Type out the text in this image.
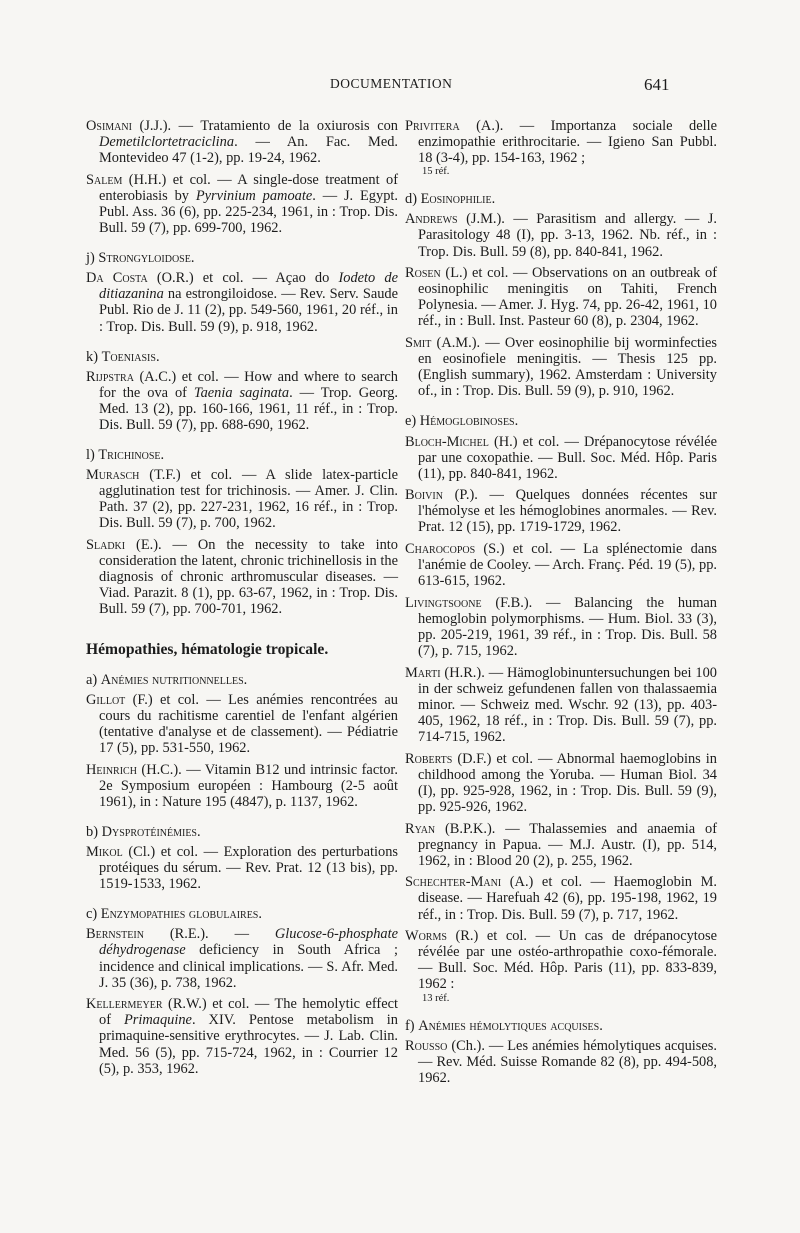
DOCUMENTATION	641

Osimani (J.J.). — Tratamiento de la oxiurosis con Demetilclortetraciclina. — An. Fac. Med. Montevideo 47 (1-2), pp. 19-24, 1962.

Salem (H.H.) et col. — A single-dose treatment of enterobiasis by Pyrvinium pamoate. — J. Egypt. Publ. Ass. 36 (6), pp. 225-234, 1961, in : Trop. Dis. Bull. 59 (7), pp. 699-700, 1962.

j) Strongyloidose.

Da Costa (O.R.) et col. — Açao do Iodeto de ditiazanina na estrongiloidose. — Rev. Serv. Saude Publ. Rio de J. 11 (2), pp. 549-560, 1961, 20 réf., in : Trop. Dis. Bull. 59 (9), p. 918, 1962.

k) Toeniasis.

Rijpstra (A.C.) et col. — How and where to search for the ova of Taenia saginata. — Trop. Georg. Med. 13 (2), pp. 160-166, 1961, 11 réf., in : Trop. Dis. Bull. 59 (7), pp. 688-690, 1962.

l) Trichinose.

Murasch (T.F.) et col. — A slide latex-particle agglutination test for trichinosis. — Amer. J. Clin. Path. 37 (2), pp. 227-231, 1962, 16 réf., in : Trop. Dis. Bull. 59 (7), p. 700, 1962.

Sladki (E.). — On the necessity to take into consideration the latent, chronic trichinellosis in the diagnosis of chronic arthromuscular diseases. — Viad. Parazit. 8 (1), pp. 63-67, 1962, in : Trop. Dis. Bull. 59 (7), pp. 700-701, 1962.

Hémopathies, hématologie tropicale.
a) Anémies nutritionnelles.

Gillot (F.) et col. — Les anémies rencontrées au cours du rachitisme carentiel de l'enfant algérien (tentative d'analyse et de classement). — Pédiatrie 17 (5), pp. 531-550, 1962.

Heinrich (H.C.). — Vitamin B12 und intrinsic factor. 2e Symposium européen : Hambourg (2-5 août 1961), in : Nature 195 (4847), p. 1137, 1962.

b) Dysprotéinémies.

Mikol (Cl.) et col. — Exploration des perturbations protéiques du sérum. — Rev. Prat. 12 (13 bis), pp. 1519-1533, 1962.

c) Enzymopathies globulaires.

Bernstein (R.E.). — Glucose-6-phosphate déhydrogenase deficiency in South Africa ; incidence and clinical implications. — S. Afr. Med. J. 35 (36), p. 738, 1962.

Kellermeyer (R.W.) et col. — The hemolytic effect of Primaquine. XIV. Pentose metabolism in primaquine-sensitive erythrocytes. — J. Lab. Clin. Med. 56 (5), pp. 715-724, 1962, in : Courrier 12 (5), p. 353, 1962.

Privitera (A.). — Importanza sociale delle enzimopathie erithrocitarie. — Igieno San Pubbl. 18 (3-4), pp. 154-163, 1962 ;
15 réf.

d) Eosinophilie.

Andrews (J.M.). — Parasitism and allergy. — J. Parasitology 48 (I), pp. 3-13, 1962. Nb. réf., in : Trop. Dis. Bull. 59 (8), pp. 840-841, 1962.

Rosen (L.) et col. — Observations on an outbreak of eosinophilic meningitis on Tahiti, French Polynesia. — Amer. J. Hyg. 74, pp. 26-42, 1961, 10 réf., in : Bull. Inst. Pasteur 60 (8), p. 2304, 1962.

Smit (A.M.). — Over eosinophilie bij worminfecties en eosinofiele meningitis. — Thesis 125 pp. (English summary), 1962. Amsterdam : University of., in : Trop. Dis. Bull. 59 (9), p. 910, 1962.

e) Hémoglobinoses.

Bloch-Michel (H.) et col. — Drépanocytose révélée par une coxopathie. — Bull. Soc. Méd. Hôp. Paris (11), pp. 840-841, 1962.

Boivin (P.). — Quelques données récentes sur l'hémolyse et les hémoglobines anormales. — Rev. Prat. 12 (15), pp. 1719-1729, 1962.

Charocopos (S.) et col. — La splénectomie dans l'anémie de Cooley. — Arch. Franç. Péd. 19 (5), pp. 613-615, 1962.

Livingtsoone (F.B.). — Balancing the human hemoglobin polymorphisms. — Hum. Biol. 33 (3), pp. 205-219, 1961, 39 réf., in : Trop. Dis. Bull. 58 (7), p. 715, 1962.

Marti (H.R.). — Hämoglobinuntersuchungen bei 100 in der schweiz gefundenen fallen von thalassaemia minor. — Schweiz med. Wschr. 92 (13), pp. 403-405, 1962, 18 réf., in : Trop. Dis. Bull. 59 (7), pp. 714-715, 1962.

Roberts (D.F.) et col. — Abnormal haemoglobins in childhood among the Yoruba. — Human Biol. 34 (I), pp. 925-928, 1962, in : Trop. Dis. Bull. 59 (9), pp. 925-926, 1962.

Ryan (B.P.K.). — Thalassemies and anaemia of pregnancy in Papua. — M.J. Austr. (I), pp. 514, 1962, in : Blood 20 (2), p. 255, 1962.

Schechter-Mani (A.) et col. — Haemoglobin M. disease. — Harefuah 42 (6), pp. 195-198, 1962, 19 réf., in : Trop. Dis. Bull. 59 (7), p. 717, 1962.

Worms (R.) et col. — Un cas de drépanocytose révélée par une ostéo-arthropathie coxo-fémorale. — Bull. Soc. Méd. Hôp. Paris (11), pp. 833-839, 1962 :
13 réf.

f) Anémies hémolytiques acquises.

Rousso (Ch.). — Les anémies hémolytiques acquises. — Rev. Méd. Suisse Romande 82 (8), pp. 494-508, 1962.
